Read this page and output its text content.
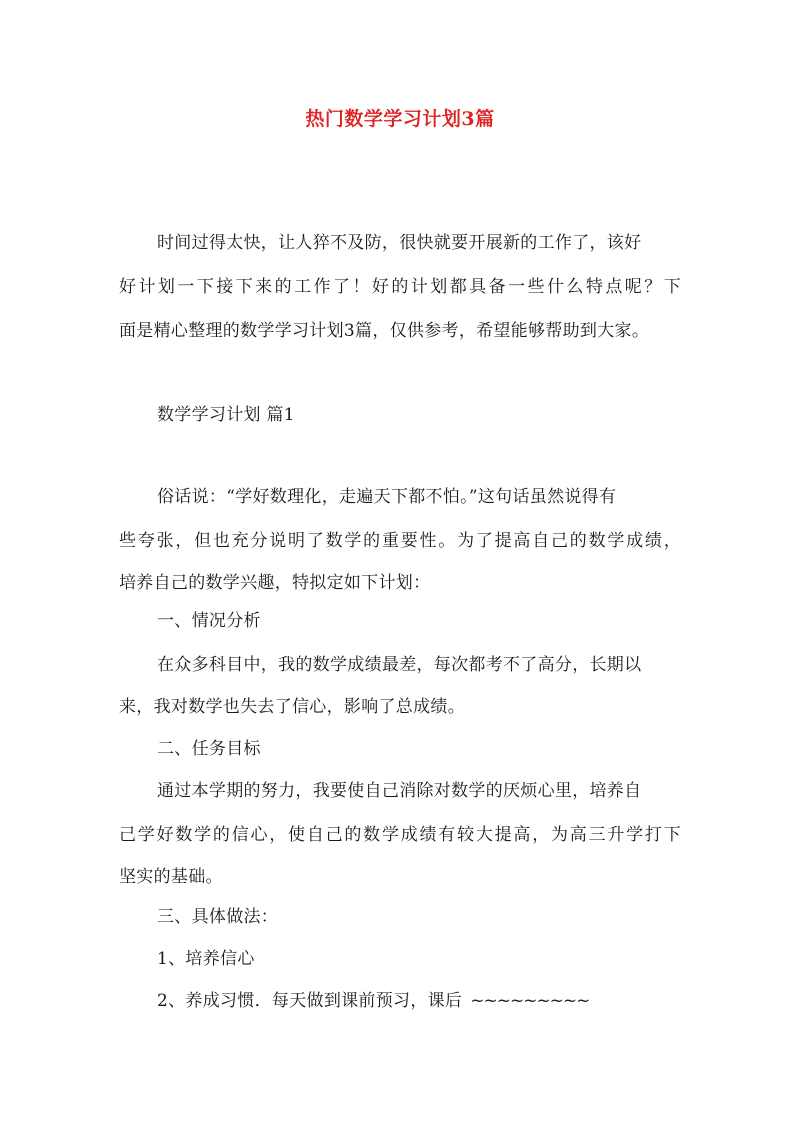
热门数学学习计划3篇
时间过得太快，让人猝不及防，很快就要开展新的工作了，该好
好计划一下接下来的工作了！好的计划都具备一些什么特点呢？下
面是精心整理的数学学习计划3篇，仅供参考，希望能够帮助到大家。
数学学习计划 篇1
俗话说：“学好数理化，走遍天下都不怕。”这句话虽然说得有
些夸张，但也充分说明了数学的重要性。为了提高自己的数学成绩，
培养自己的数学兴趣，特拟定如下计划：
一、情况分析
在众多科目中，我的数学成绩最差，每次都考不了高分，长期以
来，我对数学也失去了信心，影响了总成绩。
二、任务目标
通过本学期的努力，我要使自己消除对数学的厌烦心里，培养自
己学好数学的信心，使自己的数学成绩有较大提高，为高三升学打下
坚实的基础。
三、具体做法：
1、培养信心
2、养成习惯．每天做到课前预习，课后 ~~~~~~~~~
